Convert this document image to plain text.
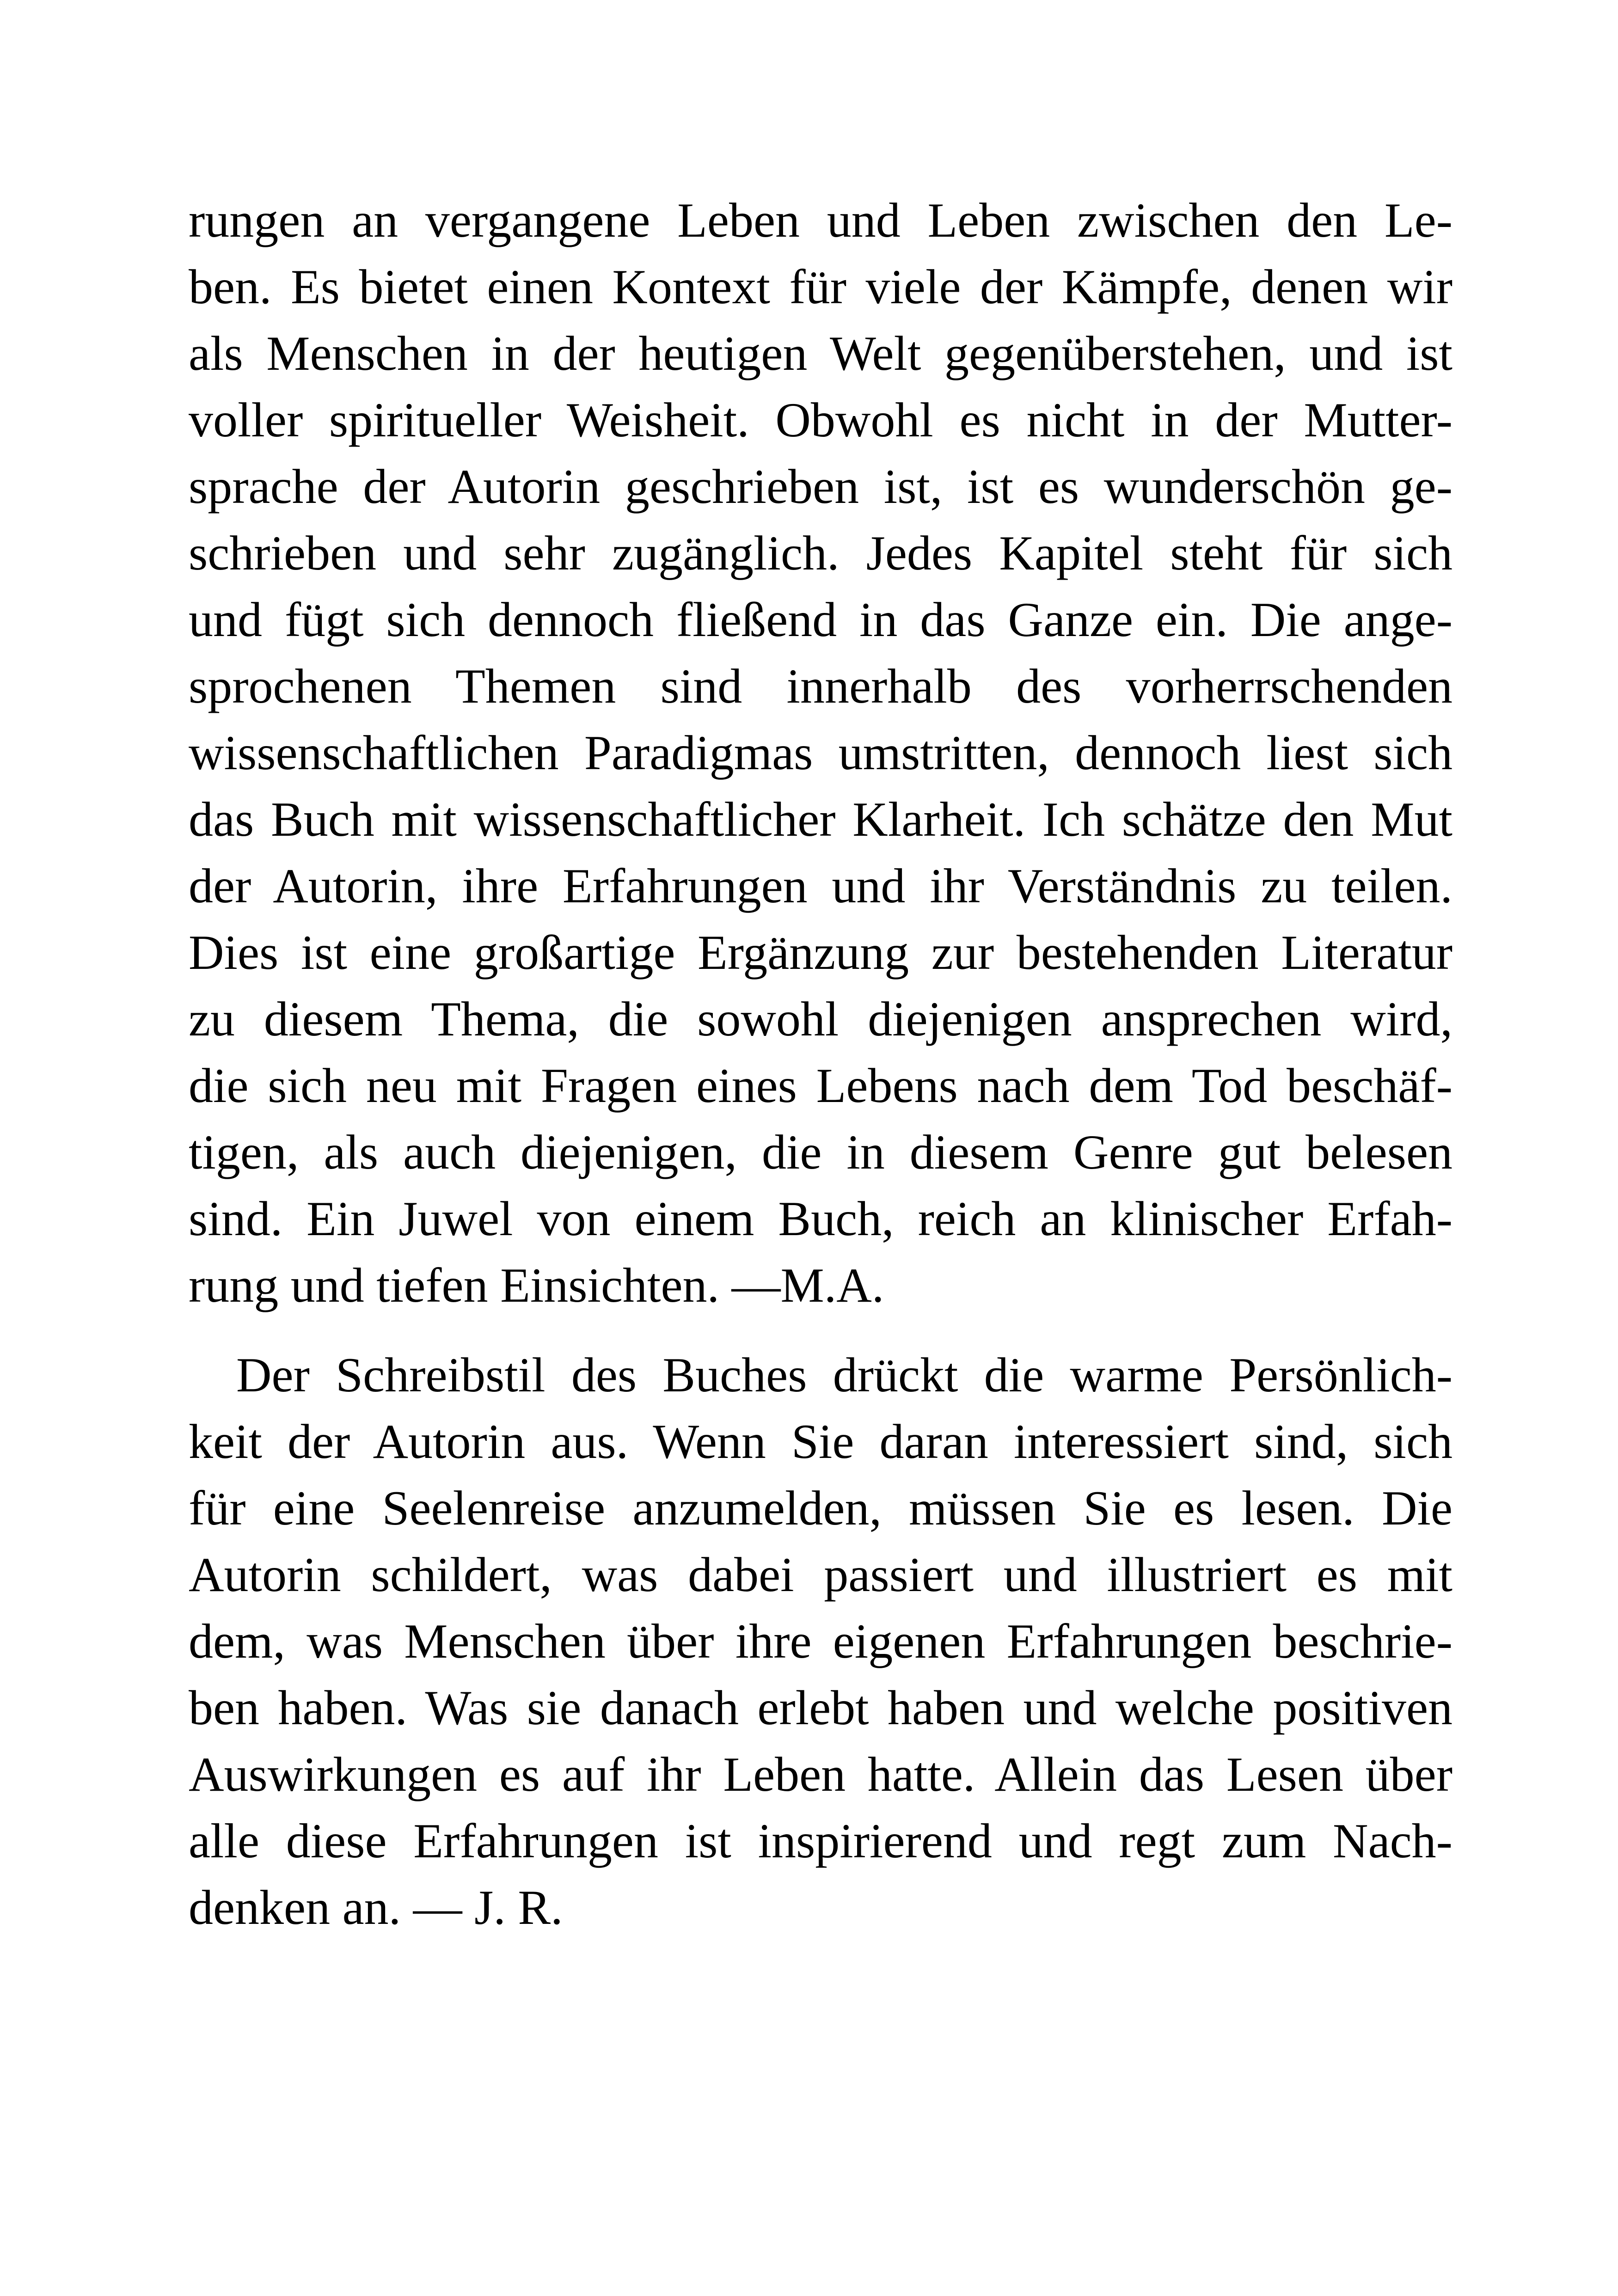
rungen an vergangene Leben und Leben zwischen den Le-
ben. Es bietet einen Kontext für viele der Kämpfe, denen wir
als Menschen in der heutigen Welt gegenüberstehen, und ist
voller spiritueller Weisheit. Obwohl es nicht in der Mutter-
sprache der Autorin geschrieben ist, ist es wunderschön ge-
schrieben und sehr zugänglich. Jedes Kapitel steht für sich
und fügt sich dennoch fließend in das Ganze ein. Die ange-
sprochenen Themen sind innerhalb des vorherrschenden
wissenschaftlichen Paradigmas umstritten, dennoch liest sich
das Buch mit wissenschaftlicher Klarheit. Ich schätze den Mut
der Autorin, ihre Erfahrungen und ihr Verständnis zu teilen.
Dies ist eine großartige Ergänzung zur bestehenden Literatur
zu diesem Thema, die sowohl diejenigen ansprechen wird,
die sich neu mit Fragen eines Lebens nach dem Tod beschäf-
tigen, als auch diejenigen, die in diesem Genre gut belesen
sind. Ein Juwel von einem Buch, reich an klinischer Erfah-
rung und tiefen Einsichten. —M.A.
Der Schreibstil des Buches drückt die warme Persönlich-
keit der Autorin aus. Wenn Sie daran interessiert sind, sich
für eine Seelenreise anzumelden, müssen Sie es lesen. Die
Autorin schildert, was dabei passiert und illustriert es mit
dem, was Menschen über ihre eigenen Erfahrungen beschrie-
ben haben. Was sie danach erlebt haben und welche positiven
Auswirkungen es auf ihr Leben hatte. Allein das Lesen über
alle diese Erfahrungen ist inspirierend und regt zum Nach-
denken an. — J. R.
